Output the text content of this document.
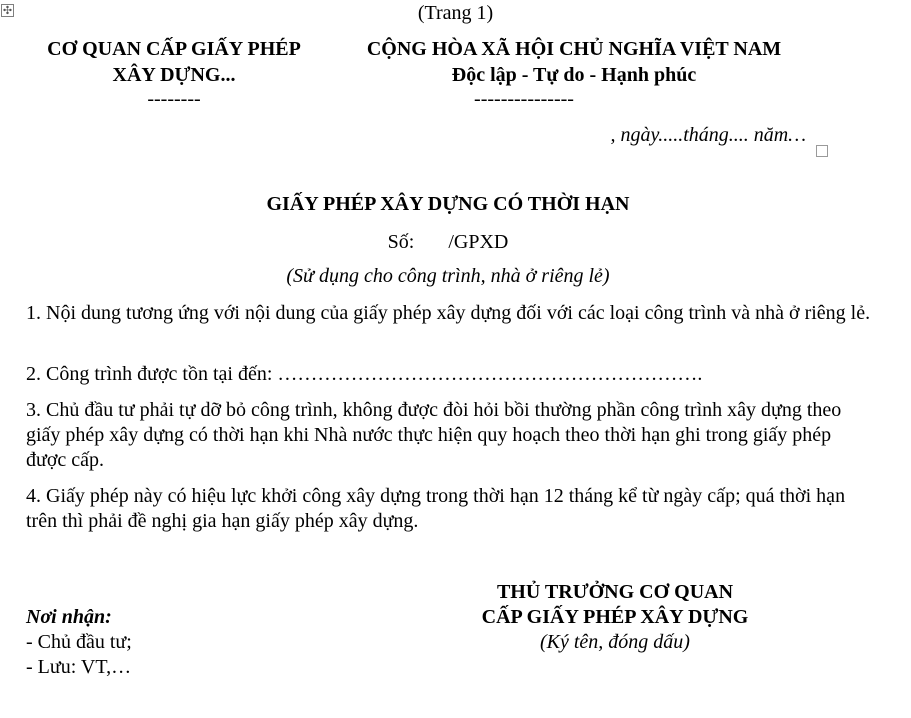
✣	(Trang 1)
CƠ QUAN CẤP GIẤY PHÉP
XÂY DỰNG...
--------
CỘNG HÒA XÃ HỘI CHỦ NGHĨA VIỆT NAM
Độc lập - Tự do - Hạnh phúc
---------------
, ngày.....tháng.... năm…
GIẤY PHÉP XÂY DỰNG CÓ THỜI HẠN
Số: /GPXD
(Sử dụng cho công trình, nhà ở riêng lẻ)
1. Nội dung tương ứng với nội dung của giấy phép xây dựng đối với các loại công trình và nhà ở riêng lẻ.
2. Công trình được tồn tại đến: ……………………………………………………….
3. Chủ đầu tư phải tự dỡ bỏ công trình, không được đòi hỏi bồi thường phần công trình xây dựng theo giấy phép xây dựng có thời hạn khi Nhà nước thực hiện quy hoạch theo thời hạn ghi trong giấy phép được cấp.
4. Giấy phép này có hiệu lực khởi công xây dựng trong thời hạn 12 tháng kể từ ngày cấp; quá thời hạn trên thì phải đề nghị gia hạn giấy phép xây dựng.
THỦ TRƯỞNG CƠ QUAN
CẤP GIẤY PHÉP XÂY DỰNG
(Ký tên, đóng dấu)
Nơi nhận:
- Chủ đầu tư;
- Lưu: VT,…
